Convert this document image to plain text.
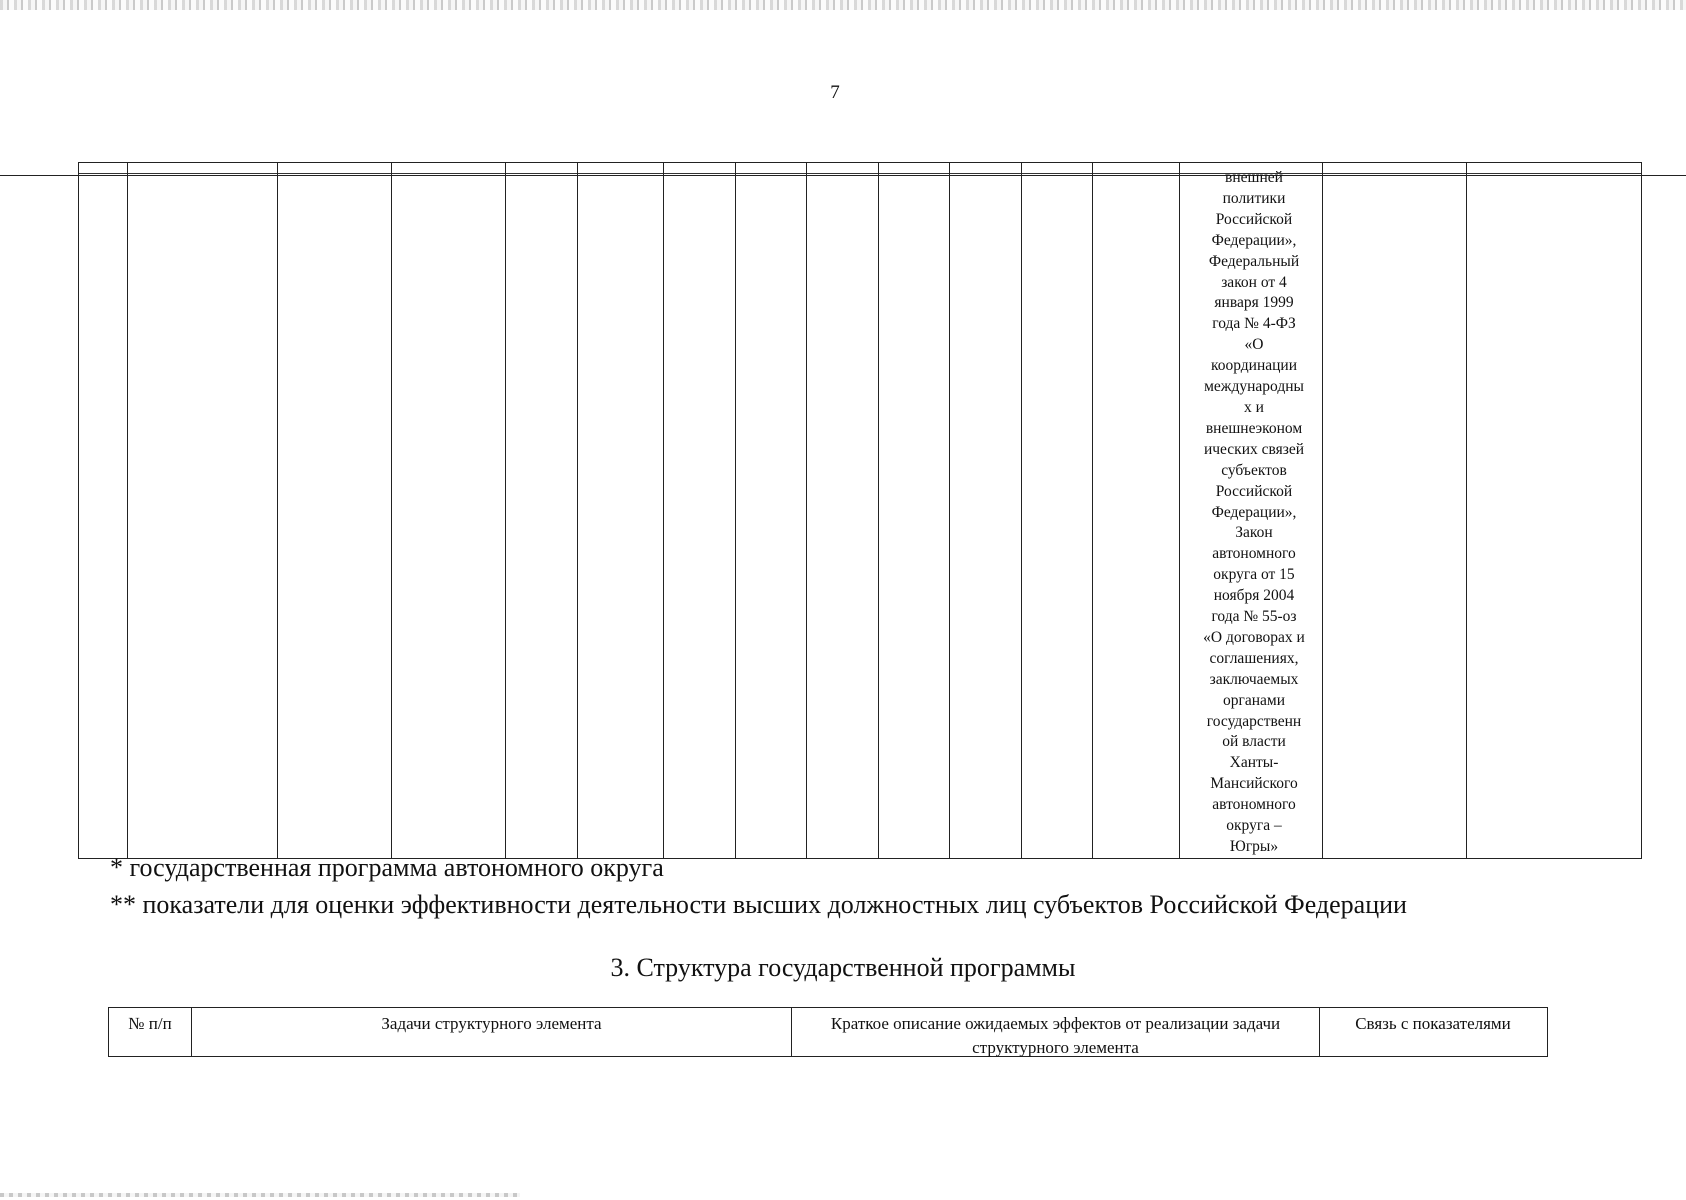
7
внешней
политики
Российской
Федерации»,
Федеральный
закон от 4
января 1999
года № 4-ФЗ
«О
координации
международны
х и
внешнеэконом
ических связей
субъектов
Российской
Федерации»,
Закон
автономного
округа от 15
ноября 2004
года № 55-оз
«О договорах и
соглашениях,
заключаемых
органами
государственн
ой власти
Ханты-
Мансийского
автономного
округа –
Югры»
* государственная программа автономного округа
** показатели для оценки эффективности деятельности высших должностных лиц субъектов Российской Федерации
3. Структура государственной программы
№ п/п	Задачи структурного элемента	Краткое описание ожидаемых эффектов от реализации задачи структурного элемента
Связь с показателями
